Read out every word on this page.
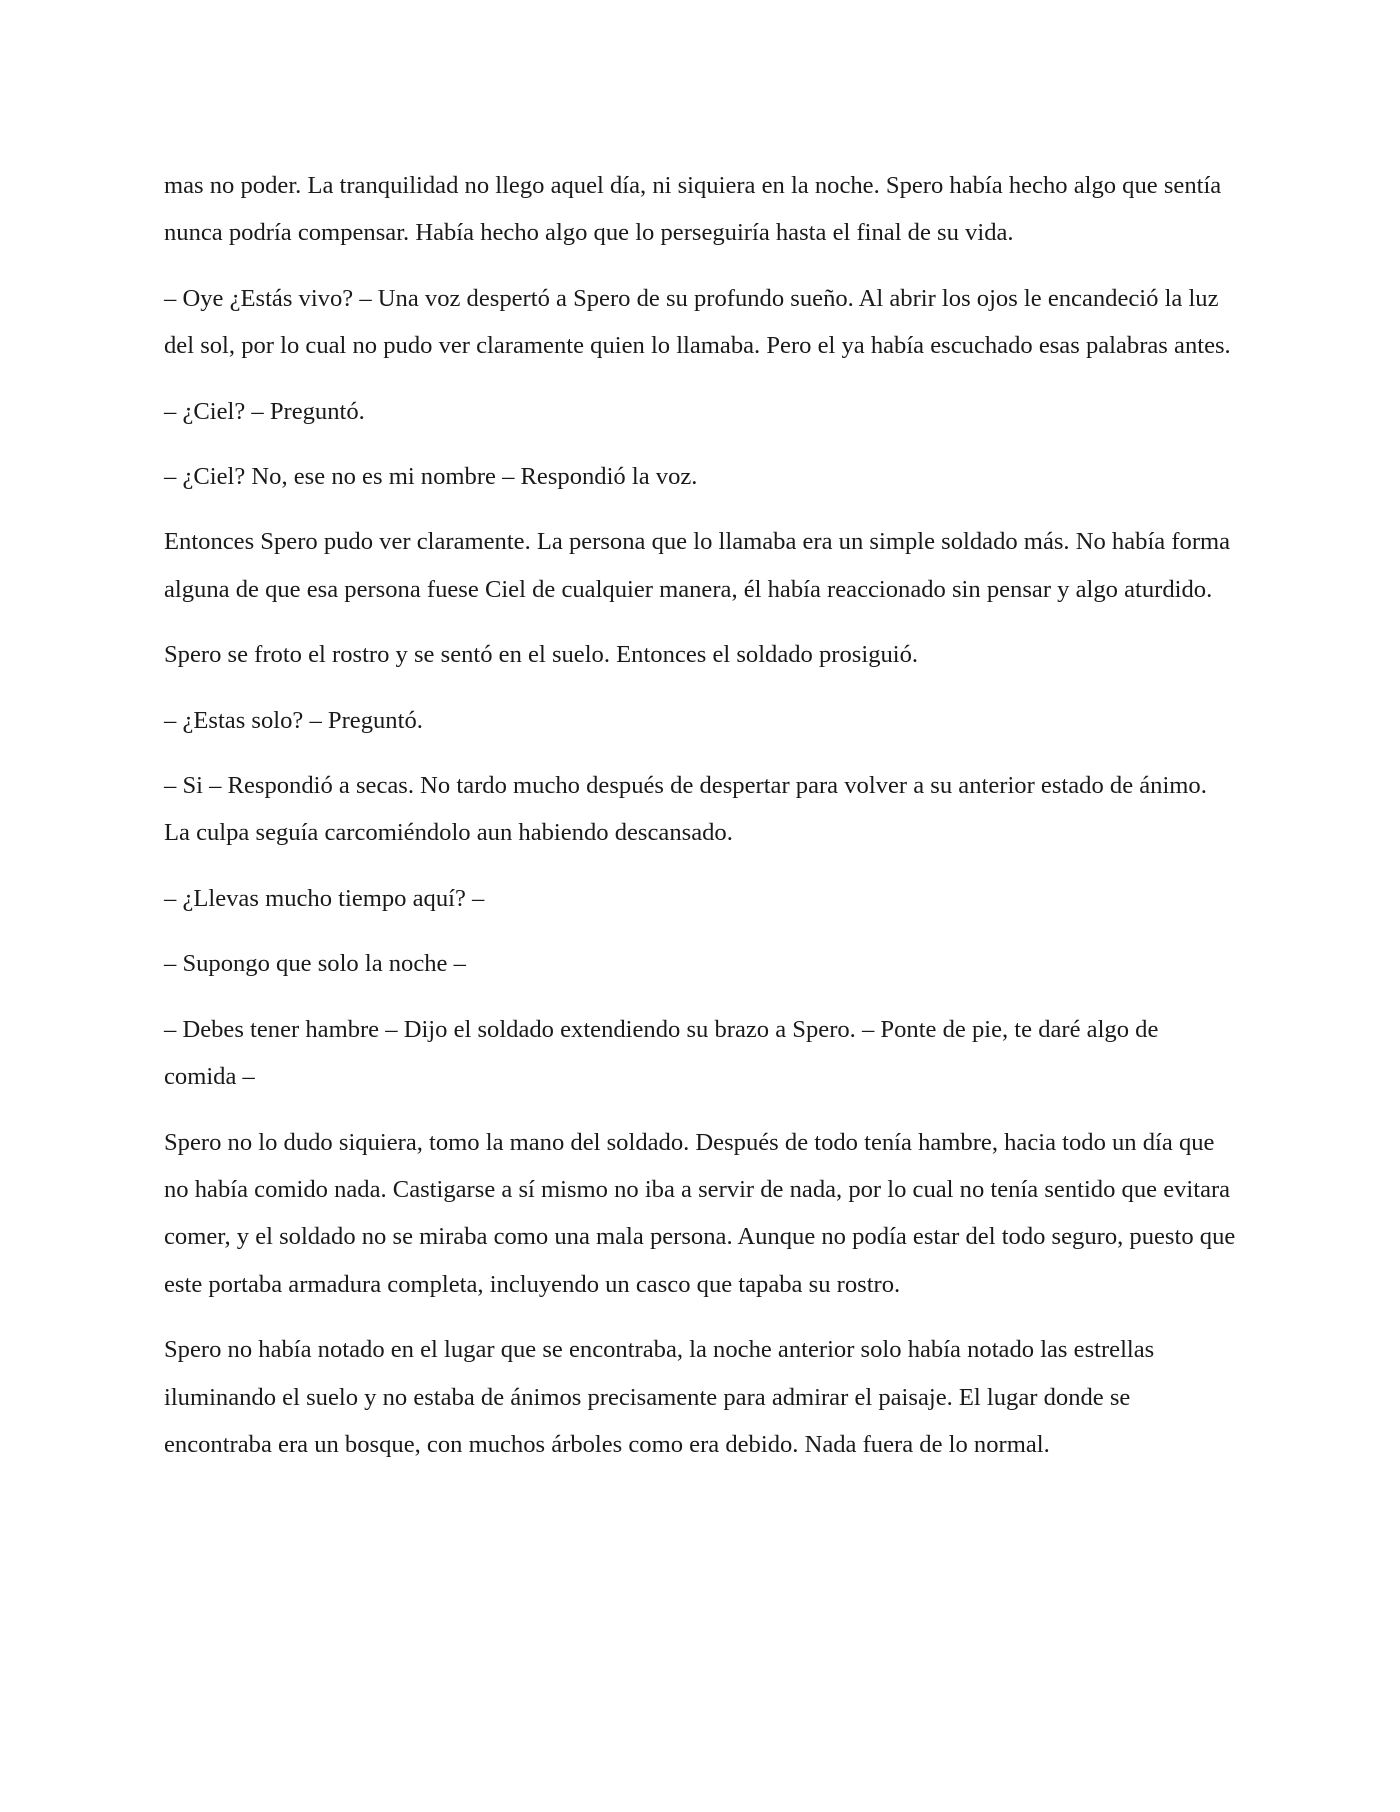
mas no poder. La tranquilidad no llego aquel día, ni siquiera en la noche. Spero había hecho algo que sentía nunca podría compensar. Había hecho algo que lo perseguiría hasta el final de su vida.

– Oye ¿Estás vivo? – Una voz despertó a Spero de su profundo sueño. Al abrir los ojos le encandeció la luz del sol, por lo cual no pudo ver claramente quien lo llamaba. Pero el ya había escuchado esas palabras antes.

– ¿Ciel? – Preguntó.

– ¿Ciel? No, ese no es mi nombre – Respondió la voz.

Entonces Spero pudo ver claramente. La persona que lo llamaba era un simple soldado más. No había forma alguna de que esa persona fuese Ciel de cualquier manera, él había reaccionado sin pensar y algo aturdido.

Spero se froto el rostro y se sentó en el suelo. Entonces el soldado prosiguió.

– ¿Estas solo? – Preguntó.

– Si – Respondió a secas. No tardo mucho después de despertar para volver a su anterior estado de ánimo. La culpa seguía carcomiéndolo aun habiendo descansado.

– ¿Llevas mucho tiempo aquí? –

– Supongo que solo la noche –

– Debes tener hambre – Dijo el soldado extendiendo su brazo a Spero. – Ponte de pie, te daré algo de comida –

Spero no lo dudo siquiera, tomo la mano del soldado. Después de todo tenía hambre, hacia todo un día que no había comido nada. Castigarse a sí mismo no iba a servir de nada, por lo cual no tenía sentido que evitara comer, y el soldado no se miraba como una mala persona. Aunque no podía estar del todo seguro, puesto que este portaba armadura completa, incluyendo un casco que tapaba su rostro.

Spero no había notado en el lugar que se encontraba, la noche anterior solo había notado las estrellas iluminando el suelo y no estaba de ánimos precisamente para admirar el paisaje. El lugar donde se encontraba era un bosque, con muchos árboles como era debido. Nada fuera de lo normal.
